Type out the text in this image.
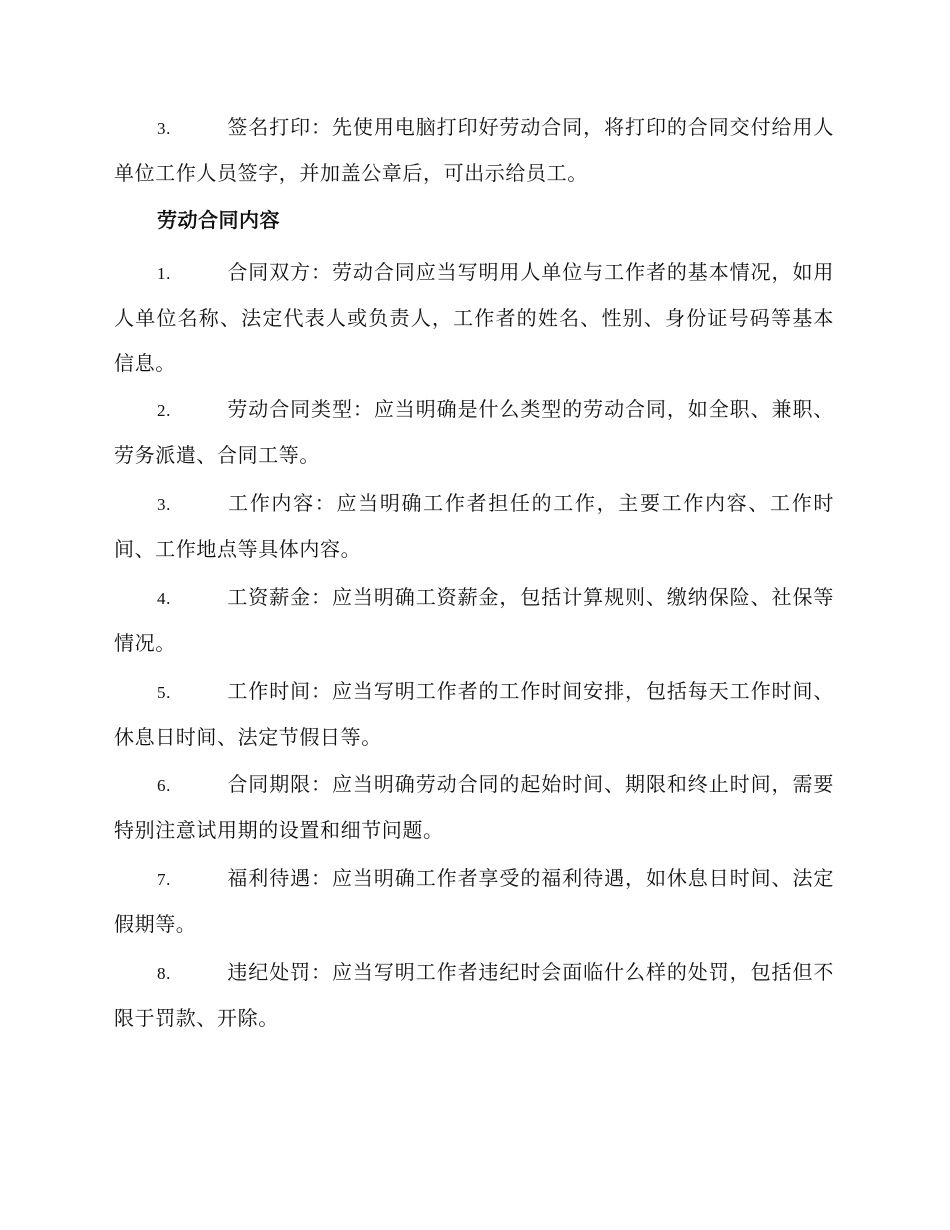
3.	签名打印：先使用电脑打印好劳动合同，将打印的合同交付给用人单位工作人员签字，并加盖公章后，可出示给员工。

劳动合同内容

1.	合同双方：劳动合同应当写明用人单位与工作者的基本情况，如用人单位名称、法定代表人或负责人，工作者的姓名、性别、身份证号码等基本信息。

2.	劳动合同类型：应当明确是什么类型的劳动合同，如全职、兼职、劳务派遣、合同工等。

3.	工作内容：应当明确工作者担任的工作，主要工作内容、工作时间、工作地点等具体内容。

4.	工资薪金：应当明确工资薪金，包括计算规则、缴纳保险、社保等情况。

5.	工作时间：应当写明工作者的工作时间安排，包括每天工作时间、休息日时间、法定节假日等。

6.	合同期限：应当明确劳动合同的起始时间、期限和终止时间，需要特别注意试用期的设置和细节问题。

7.	福利待遇：应当明确工作者享受的福利待遇，如休息日时间、法定假期等。

8.	违纪处罚：应当写明工作者违纪时会面临什么样的处罚，包括但不限于罚款、开除。
